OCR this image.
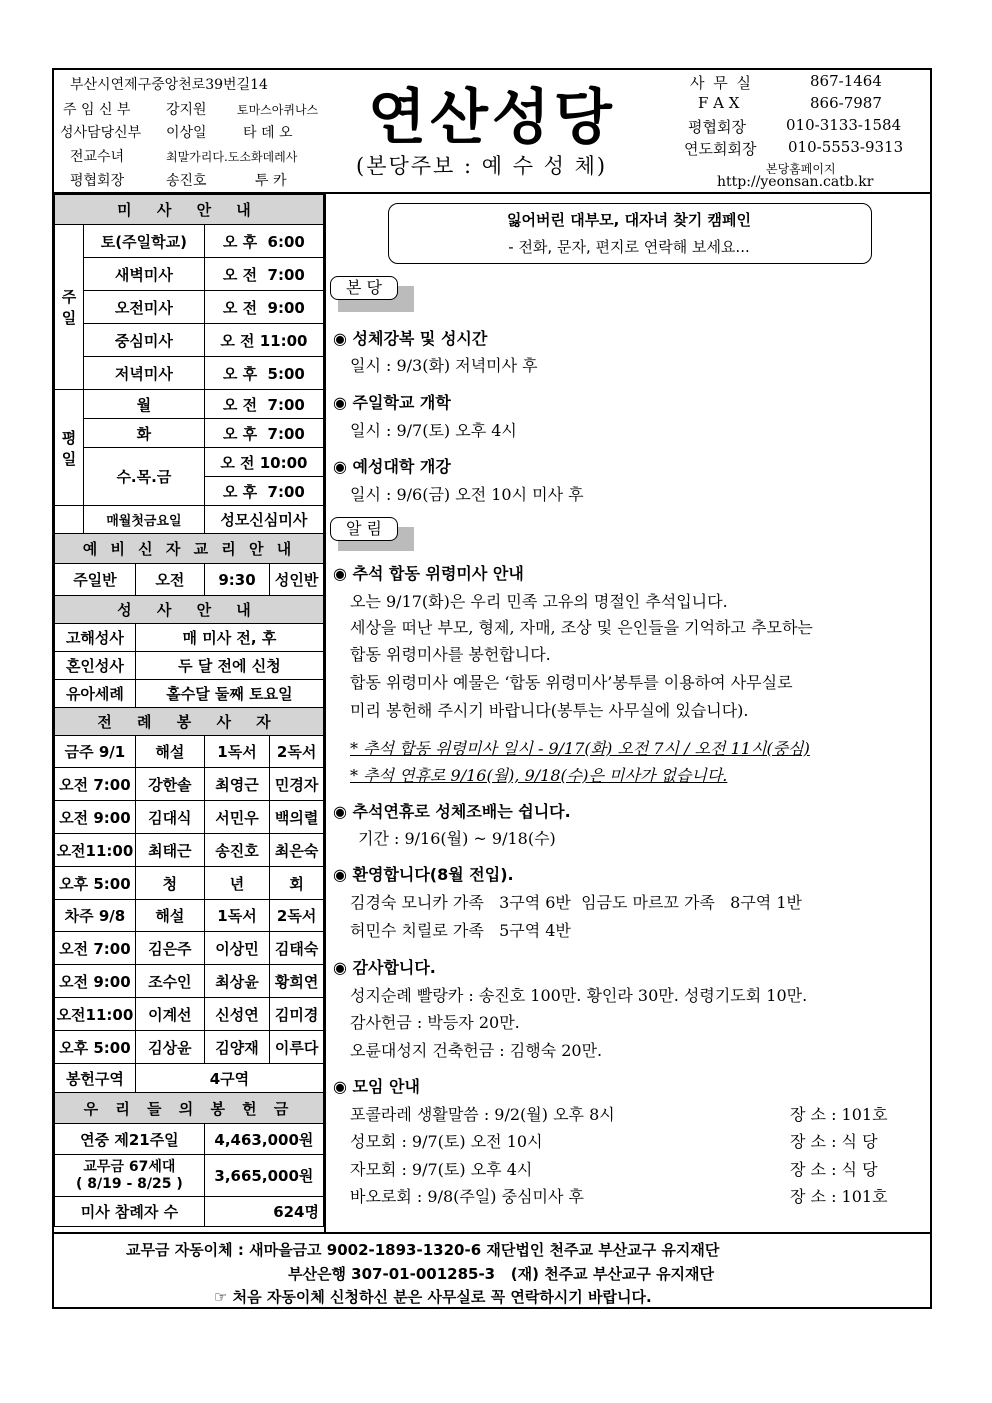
부산시연제구중앙천로39번길14
주 임 신 부	강지원	토마스아퀴나스
성사담당신부 이상일	타 데 오
전교수녀	최말가리다.도소화데레사
평협회장	송진호	투 카
연산성당
(본당주보 : 예 수 성 체)
사 무 실	867-1464
F A X	866-7987
평협회장	010-3133-1584
연도회회장 010-5553-9313
본당홈페이지
http://yeonsan.catb.kr
미 사 안 내				
주 일	토(주일학교)		오 후  6:00	
	새벽미사		오 전  7:00	
	오전미사		오 전  9:00	
	중심미사		오 전 11:00	
	저녁미사		오 후  5:00	
평 일	월		오 전  7:00	
	화		오 후  7:00	
	수.목.금		오 전 10:00	
			오 후  7:00	
	매월첫금요일		성모신심미사	
예 비 신 자 교 리 안 내				
주일반		오전	9:30	성인반
성 사 안 내				
고해성사		매 미사 전, 후		
혼인성사		두 달 전에 신청		
유아세례		홀수달 둘째 토요일		
전 례 봉 사 자				
금주 9/1		해설	1독서	2독서
오전 7:00		강한솔	최영근	민경자
오전 9:00		김대식	서민우	백의렬
오전11:00		최태근	송진호	최은숙
오후 5:00		청	년	회
차주 9/8		해설	1독서	2독서
오전 7:00		김은주	이상민	김태숙
오전 9:00		조수인	최상윤	황희연
오전11:00		이계선	신성연	김미경
오후 5:00		김상윤	김양재	이루다
봉헌구역		4구역		
우 리 들 의 봉 헌 금				
연중 제21주일			4,463,000원	
교무금 67세대
( 8/19 - 8/25 )			3,665,000원	
미사 참례자 수			624명	
잃어버린 대부모, 대자녀 찾기 캠페인
- 전화, 문자, 편지로 연락해 보세요...
본 당
◉ 성체강복 및 성시간
일시 : 9/3(화) 저녁미사 후
◉ 주일학교 개학
일시 : 9/7(토) 오후 4시
◉ 예성대학 개강
일시 : 9/6(금) 오전 10시 미사 후
알 림
◉ 추석 합동 위령미사 안내
오는 9/17(화)은 우리 민족 고유의 명절인 추석입니다.
세상을 떠난 부모, 형제, 자매, 조상 및 은인들을 기억하고 추모하는
합동 위령미사를 봉헌합니다.
합동 위령미사 예물은 ‘합동 위령미사’봉투를 이용하여 사무실로
미리 봉헌해 주시기 바랍니다(봉투는 사무실에 있습니다).
* 추석 합동 위령미사 일시 - 9/17(화) 오전 7시 / 오전 11시(중심)
* 추석 연휴로 9/16(월), 9/18(수)은 미사가 없습니다.
◉ 추석연휴로 성체조배는 쉽니다.
기간 : 9/16(월) ~ 9/18(수)
◉ 환영합니다(8월 전입).
김경숙 모니카 가족   3구역 6반  임금도 마르꼬 가족   8구역 1반
허민수 치릴로 가족   5구역 4반
◉ 감사합니다.
성지순례 빨랑카 : 송진호 100만. 황인라 30만. 성령기도회 10만.
감사헌금 : 박등자 20만.
오륜대성지 건축헌금 : 김행숙 20만.
◉ 모임 안내
포콜라레 생활말씀 : 9/2(월) 오후 8시	장 소 : 101호
성모회 : 9/7(토) 오전 10시	장 소 : 식 당
자모회 : 9/7(토) 오후 4시	장 소 : 식 당
바오로회 : 9/8(주일) 중심미사 후	장 소 : 101호
교무금 자동이체 : 새마을금고 9002-1893-1320-6 재단법인 천주교 부산교구 유지재단
부산은행 307-01-001285-3   (재) 천주교 부산교구 유지재단
☞ 처음 자동이체 신청하신 분은 사무실로 꼭 연락하시기 바랍니다.
